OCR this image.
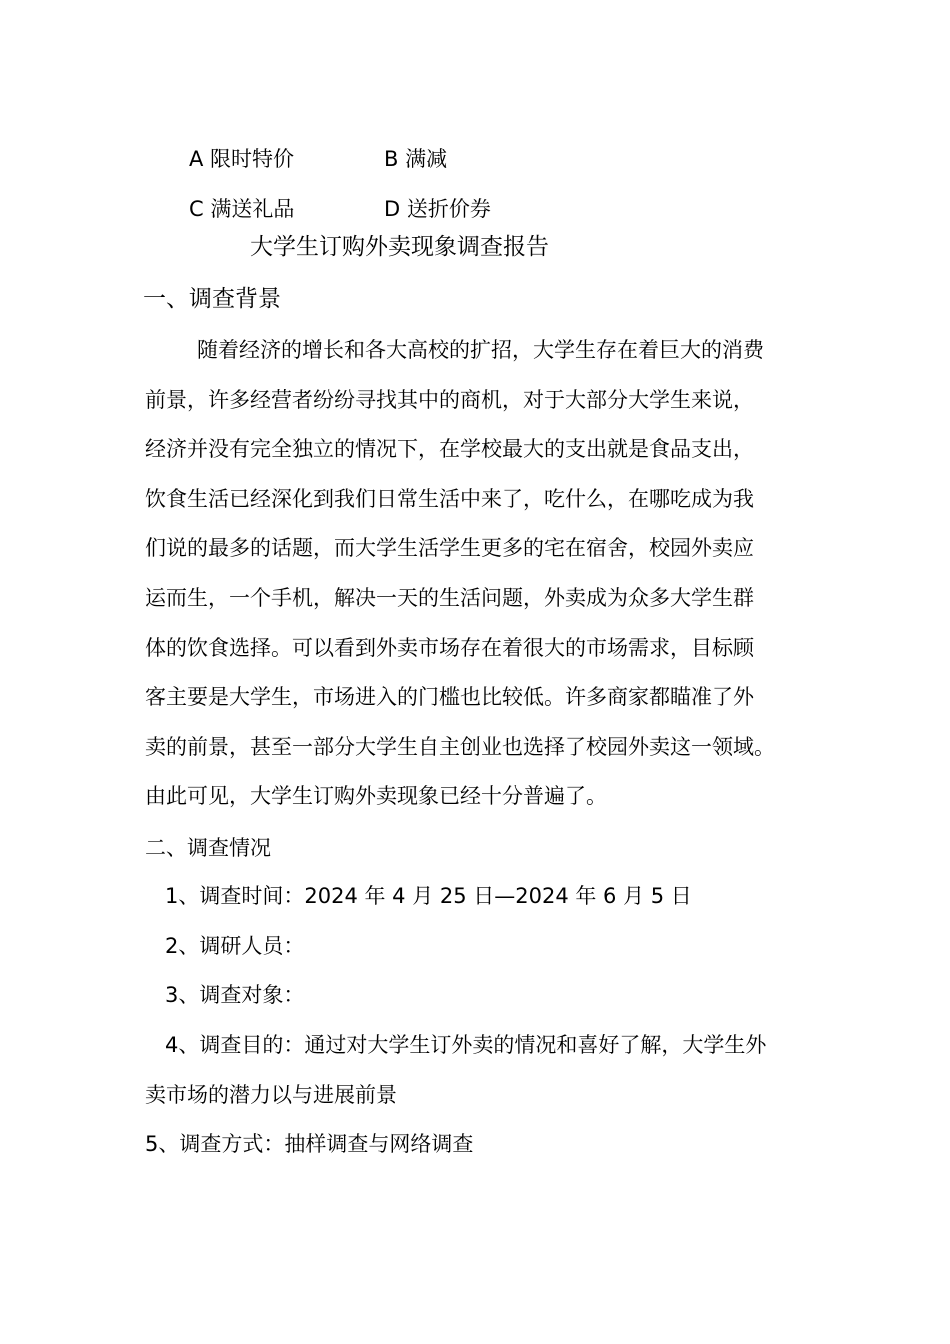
A 限时特价	B 满减
C 满送礼品	D 送折价券
大学生订购外卖现象调查报告
一、调查背景
随着经济的增长和各大高校的扩招，大学生存在着巨大的消费
前景，许多经营者纷纷寻找其中的商机，对于大部分大学生来说，
经济并没有完全独立的情况下，在学校最大的支出就是食品支出，
饮食生活已经深化到我们日常生活中来了，吃什么，在哪吃成为我
们说的最多的话题，而大学生活学生更多的宅在宿舍，校园外卖应
运而生，一个手机，解决一天的生活问题，外卖成为众多大学生群
体的饮食选择。可以看到外卖市场存在着很大的市场需求，目标顾
客主要是大学生，市场进入的门槛也比较低。许多商家都瞄准了外
卖的前景，甚至一部分大学生自主创业也选择了校园外卖这一领域。
由此可见，大学生订购外卖现象已经十分普遍了。
二、调查情况
1、调查时间：2024 年 4 月 25 日—2024 年 6 月 5 日
2、调研人员：
3、调查对象：
4、调查目的：通过对大学生订外卖的情况和喜好了解，大学生外
卖市场的潜力以与进展前景
5、调查方式：抽样调查与网络调查
